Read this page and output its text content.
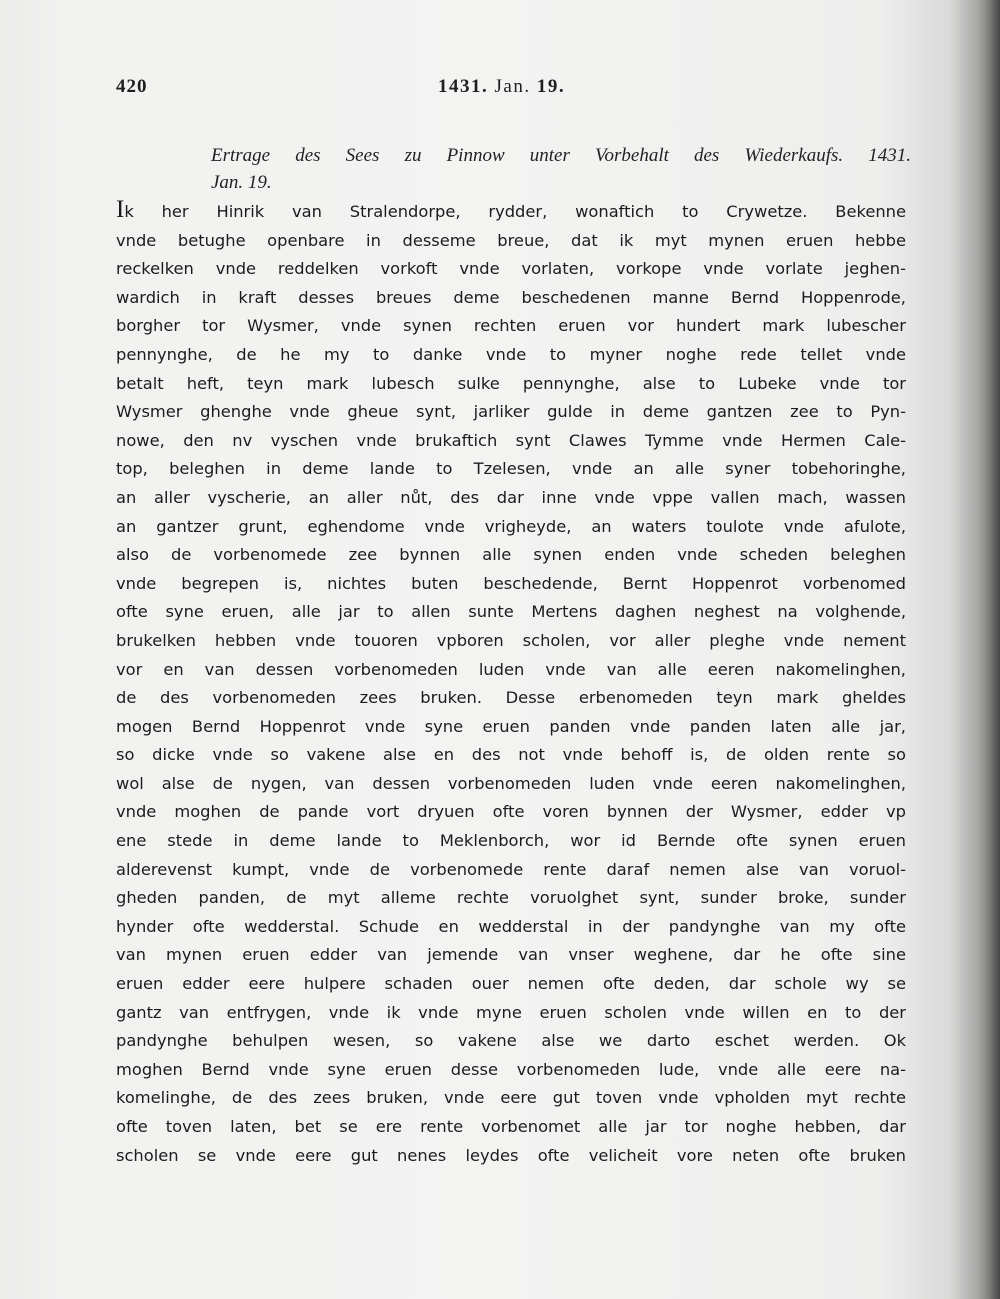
420	1431. Jan. 19.
Ertrage des Sees zu Pinnow unter Vorbehalt des Wiederkaufs. 1431.
Jan. 19.
Ik her Hinrik van Stralendorpe, rydder, wonaftich to Crywetze. Bekenne
vnde betughe openbare in desseme breue, dat ik myt mynen eruen hebbe
reckelken vnde reddelken vorkoft vnde vorlaten, vorkope vnde vorlate jeghen-
wardich in kraft desses breues deme beschedenen manne Bernd Hoppenrode,
borgher tor Wysmer, vnde synen rechten eruen vor hundert mark lubescher
pennynghe, de he my to danke vnde to myner noghe rede tellet vnde
betalt heft, teyn mark lubesch sulke pennynghe, alse to Lubeke vnde tor
Wysmer ghenghe vnde gheue synt, jarliker gulde in deme gantzen zee to Pyn-
nowe, den nv vyschen vnde brukaftich synt Clawes Tymme vnde Hermen Cale-
top, beleghen in deme lande to Tzelesen, vnde an alle syner tobehoringhe,
an aller vyscherie, an aller nůt, des dar inne vnde vppe vallen mach, wassen
an gantzer grunt, eghendome vnde vrigheyde, an waters toulote vnde afulote,
also de vorbenomede zee bynnen alle synen enden vnde scheden beleghen
vnde begrepen is, nichtes buten beschedende, Bernt Hoppenrot vorbenomed
ofte syne eruen, alle jar to allen sunte Mertens daghen neghest na volghende,
brukelken hebben vnde touoren vpboren scholen, vor aller pleghe vnde nement
vor en van dessen vorbenomeden luden vnde van alle eeren nakomelinghen,
de des vorbenomeden zees bruken. Desse erbenomeden teyn mark gheldes
mogen Bernd Hoppenrot vnde syne eruen panden vnde panden laten alle jar,
so dicke vnde so vakene alse en des not vnde behoff is, de olden rente so
wol alse de nygen, van dessen vorbenomeden luden vnde eeren nakomelinghen,
vnde moghen de pande vort dryuen ofte voren bynnen der Wysmer, edder vp
ene stede in deme lande to Meklenborch, wor id Bernde ofte synen eruen
alderevenst kumpt, vnde de vorbenomede rente daraf nemen alse van voruol-
gheden panden, de myt alleme rechte voruolghet synt, sunder broke, sunder
hynder ofte wedderstal. Schude en wedderstal in der pandynghe van my ofte
van mynen eruen edder van jemende van vnser weghene, dar he ofte sine
eruen edder eere hulpere schaden ouer nemen ofte deden, dar schole wy se
gantz van entfrygen, vnde ik vnde myne eruen scholen vnde willen en to der
pandynghe behulpen wesen, so vakene alse we darto eschet werden. Ok
moghen Bernd vnde syne eruen desse vorbenomeden lude, vnde alle eere na-
komelinghe, de des zees bruken, vnde eere gut toven vnde vpholden myt rechte
ofte toven laten, bet se ere rente vorbenomet alle jar tor noghe hebben, dar
scholen se vnde eere gut nenes leydes ofte velicheit vore neten ofte bruken
